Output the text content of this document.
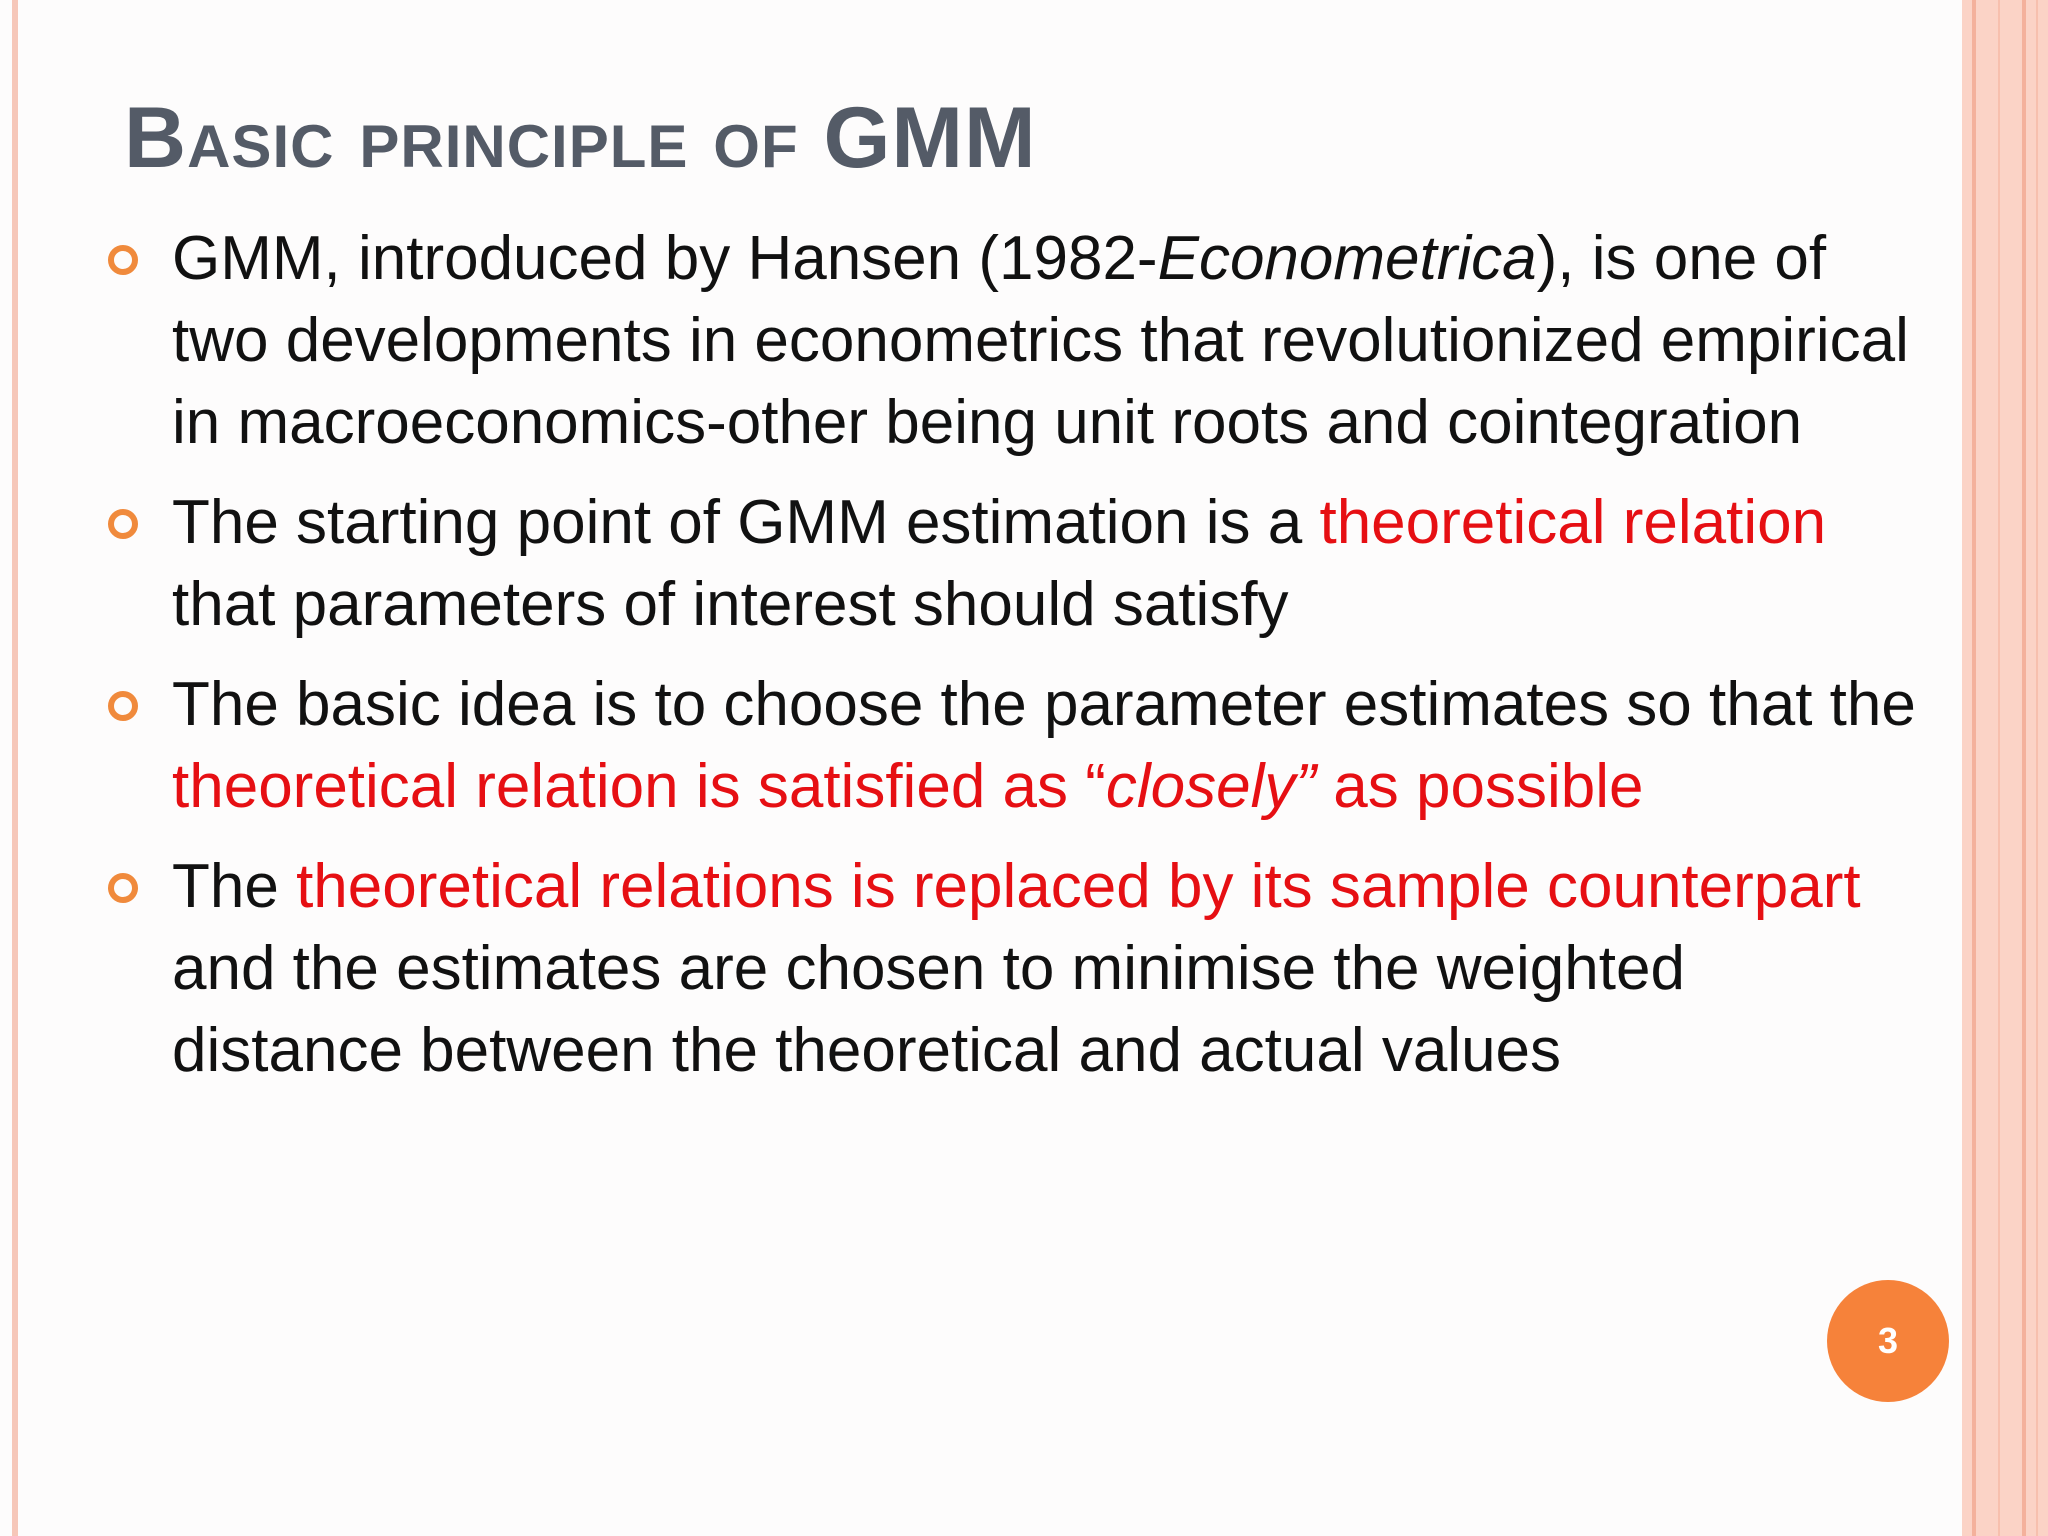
Basic principle of GMM
GMM, introduced by Hansen (1982-Econometrica), is one of two developments in econometrics that revolutionized empirical in macroeconomics-other being unit roots and cointegration
The starting point of GMM estimation is a theoretical relation that parameters of interest should satisfy
The basic idea is to choose the parameter estimates so that the theoretical relation is satisfied as “closely” as possible
The theoretical relations is replaced by its sample counterpart and the estimates are chosen to minimise the weighted distance between the theoretical and actual values
3
